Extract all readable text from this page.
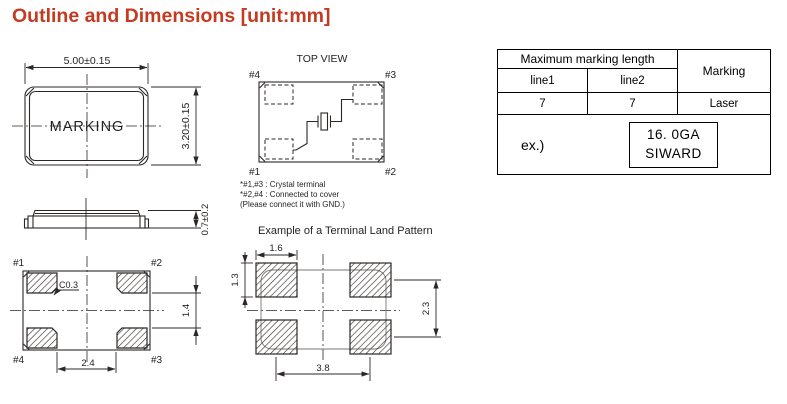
Outline and Dimensions [unit:mm]
MARKING
5.00±0.15
3.20±0.15
0.7±0.2
#1	#2
#4	#3
C0.3
1.4
2.4
TOP VIEW
#4	#3
#1	#2
*#1,#3 : Crystal terminal
*#2,#4 : Connected to cover
(Please connect it with GND.)
Example of a Terminal Land Pattern
1.6
1.3
2.3
3.8
Maximum marking length		Marking
line1	line2	
7	7	Laser

ex.)
16. 0GA
SIWARD		
